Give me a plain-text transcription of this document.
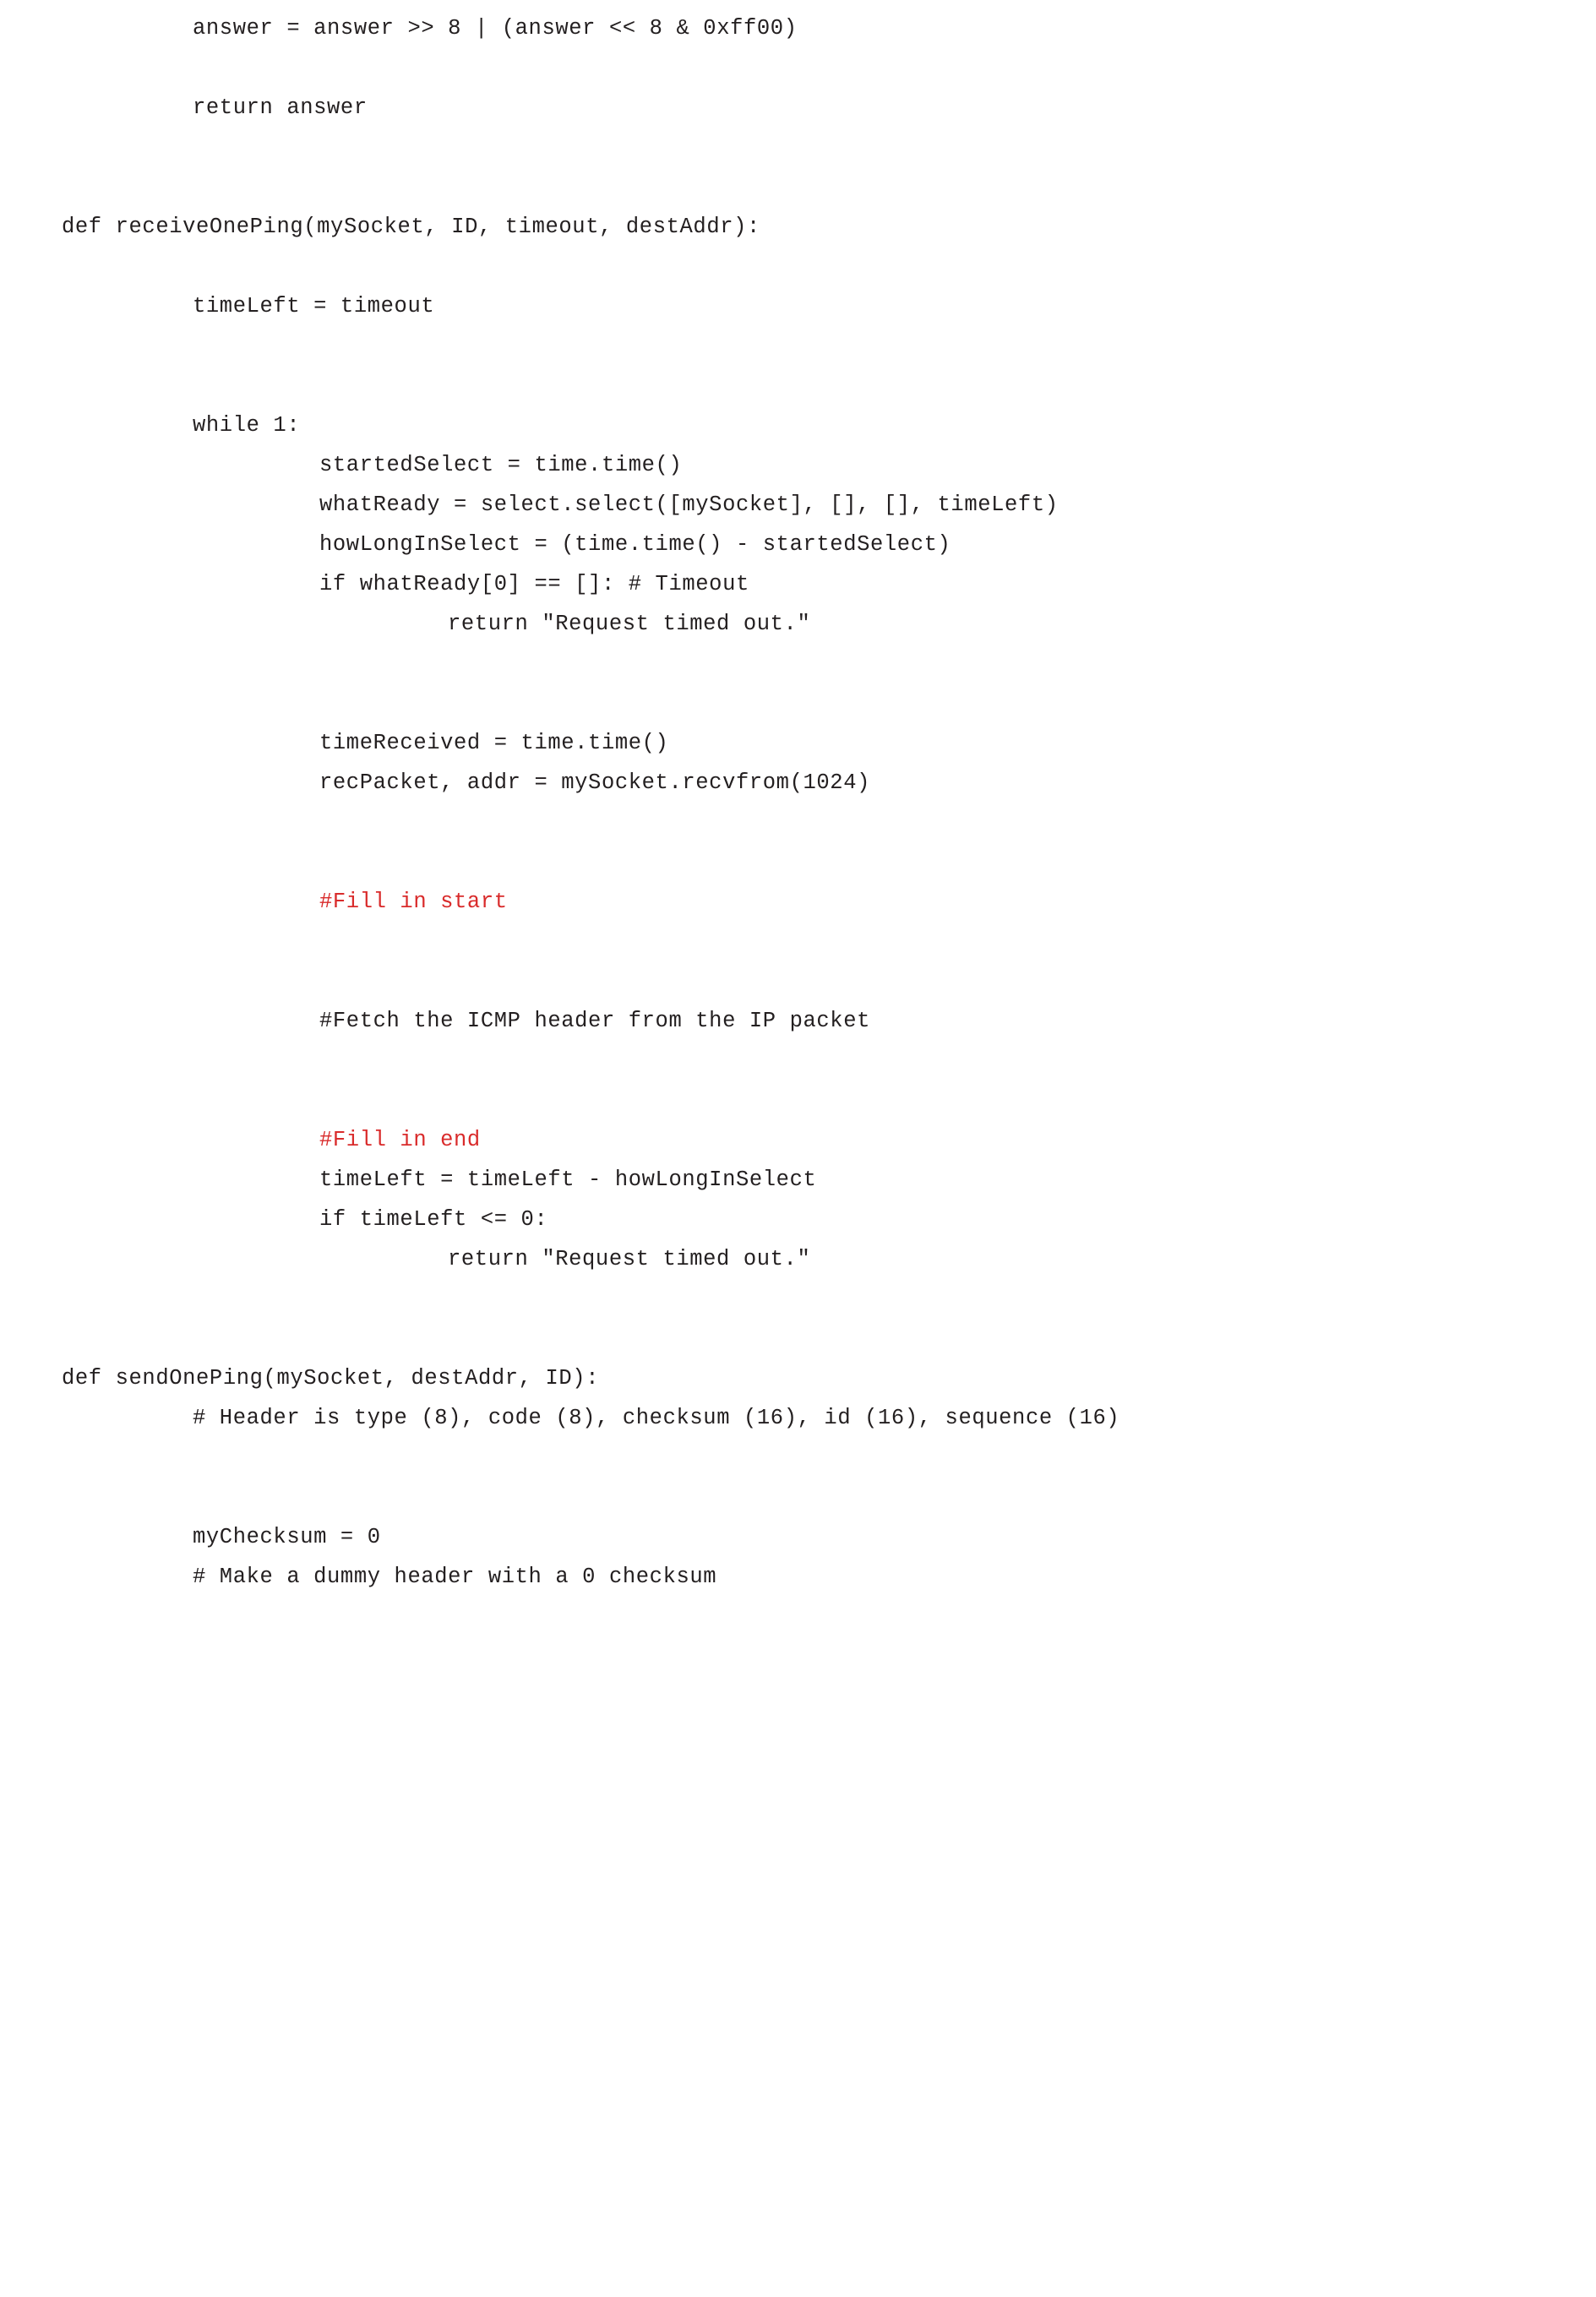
answer = answer >> 8 | (answer << 8 & 0xff00)
return answer
def receiveOnePing(mySocket, ID, timeout, destAddr):
timeLeft = timeout
while 1:
startedSelect = time.time()
whatReady = select.select([mySocket], [], [], timeLeft)
howLongInSelect = (time.time() - startedSelect)
if whatReady[0] == []: # Timeout
return "Request timed out."
timeReceived = time.time()
recPacket, addr = mySocket.recvfrom(1024)
#Fill in start
#Fetch the ICMP header from the IP packet
#Fill in end
timeLeft = timeLeft - howLongInSelect
if timeLeft <= 0:
return "Request timed out."
def sendOnePing(mySocket, destAddr, ID):
# Header is type (8), code (8), checksum (16), id (16), sequence (16)
myChecksum = 0
# Make a dummy header with a 0 checksum
